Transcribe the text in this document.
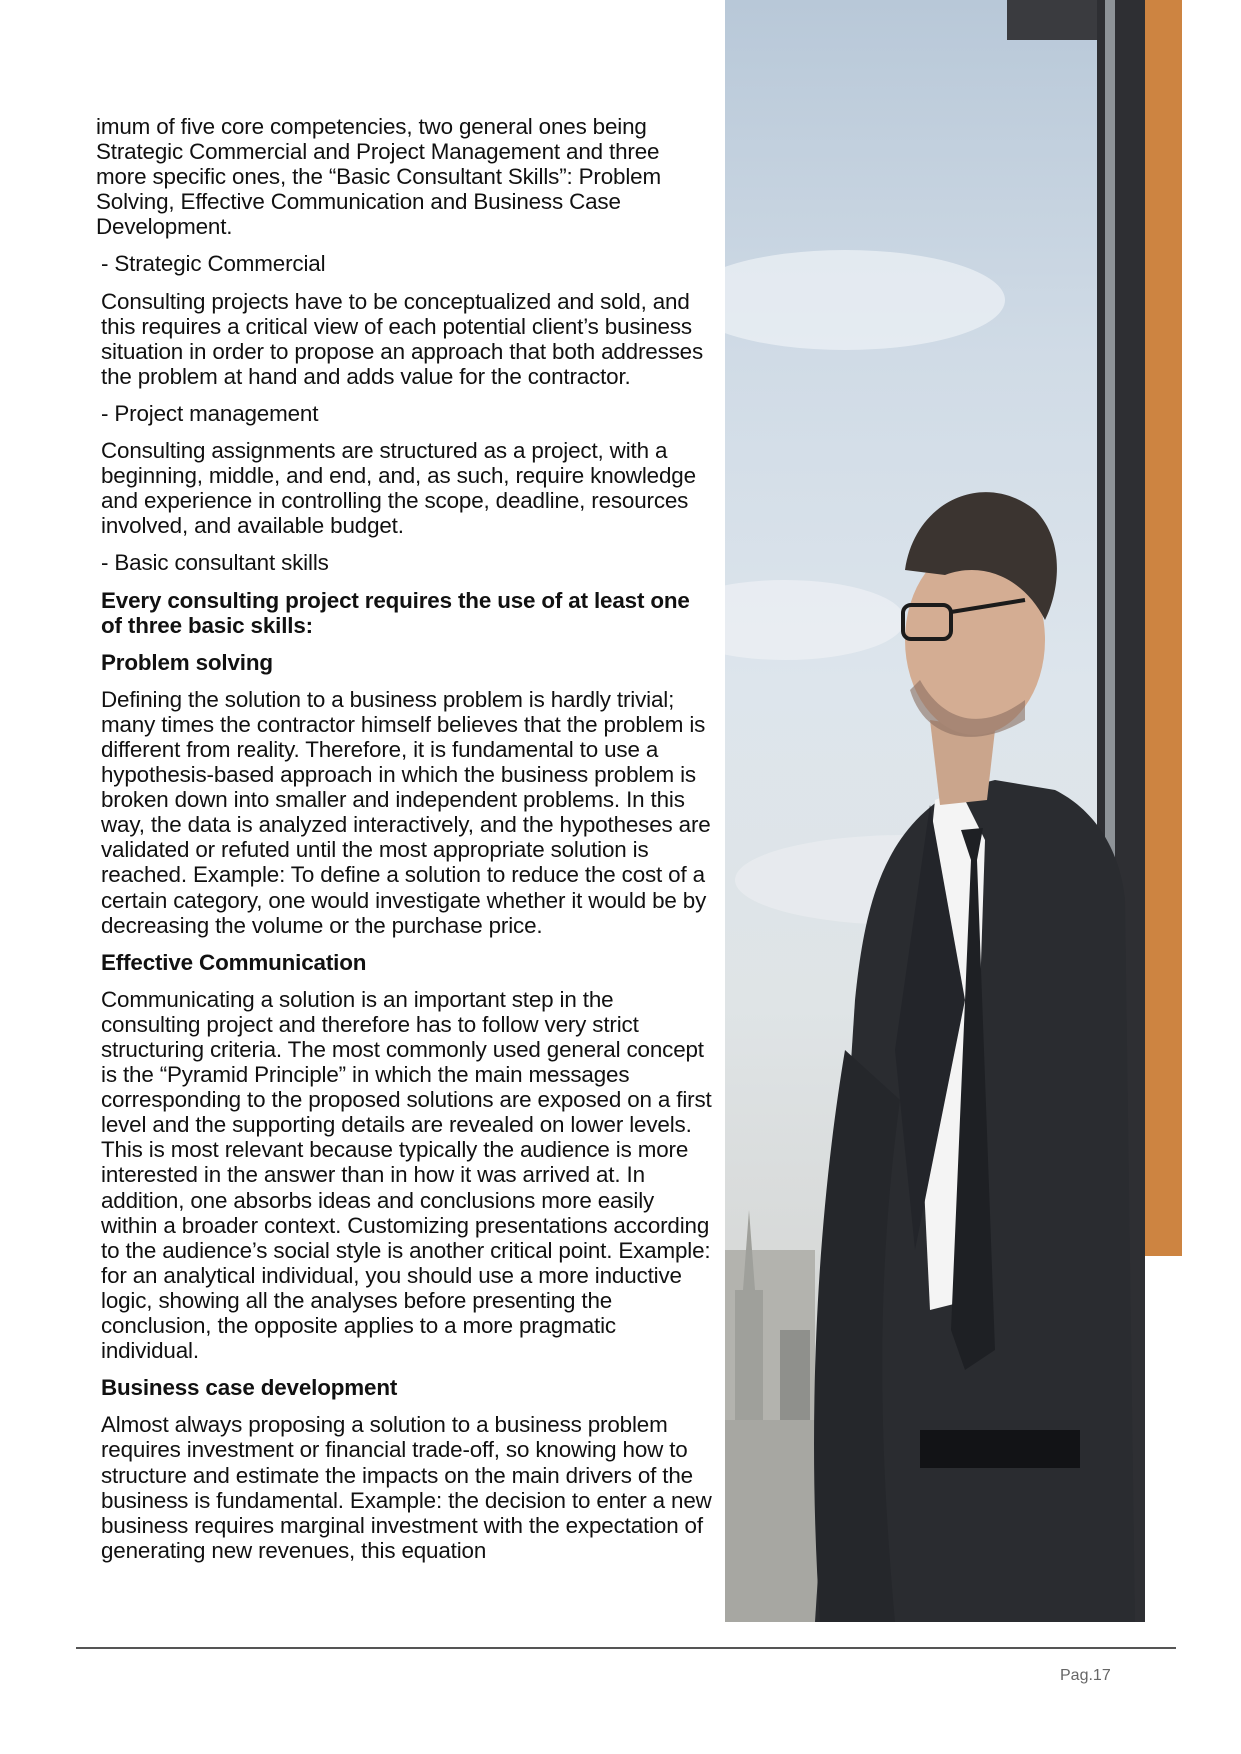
imum of five core competencies, two general ones being Strategic Commercial and Project Management and three more specific ones, the “Basic Consultant Skills”: Problem Solving, Effective Communication and Business Case Development.

- Strategic Commercial

Consulting projects have to be conceptualized and sold, and this requires a critical view of each potential client’s business situation in order to propose an approach that both addresses the problem at hand and adds value for the contractor.

- Project management

Consulting assignments are structured as a project, with a beginning, middle, and end, and, as such, require knowledge and experience in controlling the scope, deadline, resources involved, and available budget.

- Basic consultant skills

Every consulting project requires the use of at least one of three basic skills:

Problem solving

Defining the solution to a business problem is hardly trivial; many times the contractor himself believes that the problem is different from reality. Therefore, it is fundamental to use a hypothesis-based approach in which the business problem is broken down into smaller and independent problems. In this way, the data is analyzed interactively, and the hypotheses are validated or refuted until the most appropriate solution is reached. Example: To define a solution to reduce the cost of a certain category, one would investigate whether it would be by decreasing the volume or the purchase price.

Effective Communication

Communicating a solution is an important step in the consulting project and therefore has to follow very strict structuring criteria. The most commonly used general concept is the “Pyramid Principle” in which the main messages corresponding to the proposed solutions are exposed on a first level and the supporting details are revealed on lower levels. This is most relevant because typically the audience is more interested in the answer than in how it was arrived at. In addition, one absorbs ideas and conclusions more easily within a broader context. Customizing presentations according to the audience’s social style is another critical point. Example: for an analytical individual, you should use a more inductive logic, showing all the analyses before presenting the conclusion, the opposite applies to a more pragmatic individual.

Business case development

Almost always proposing a solution to a business problem requires investment or financial trade-off, so knowing how to structure and estimate the impacts on the main drivers of the business is fundamental. Example: the decision to enter a new business requires marginal investment with the expectation of generating new revenues, this equation

Pag.17
